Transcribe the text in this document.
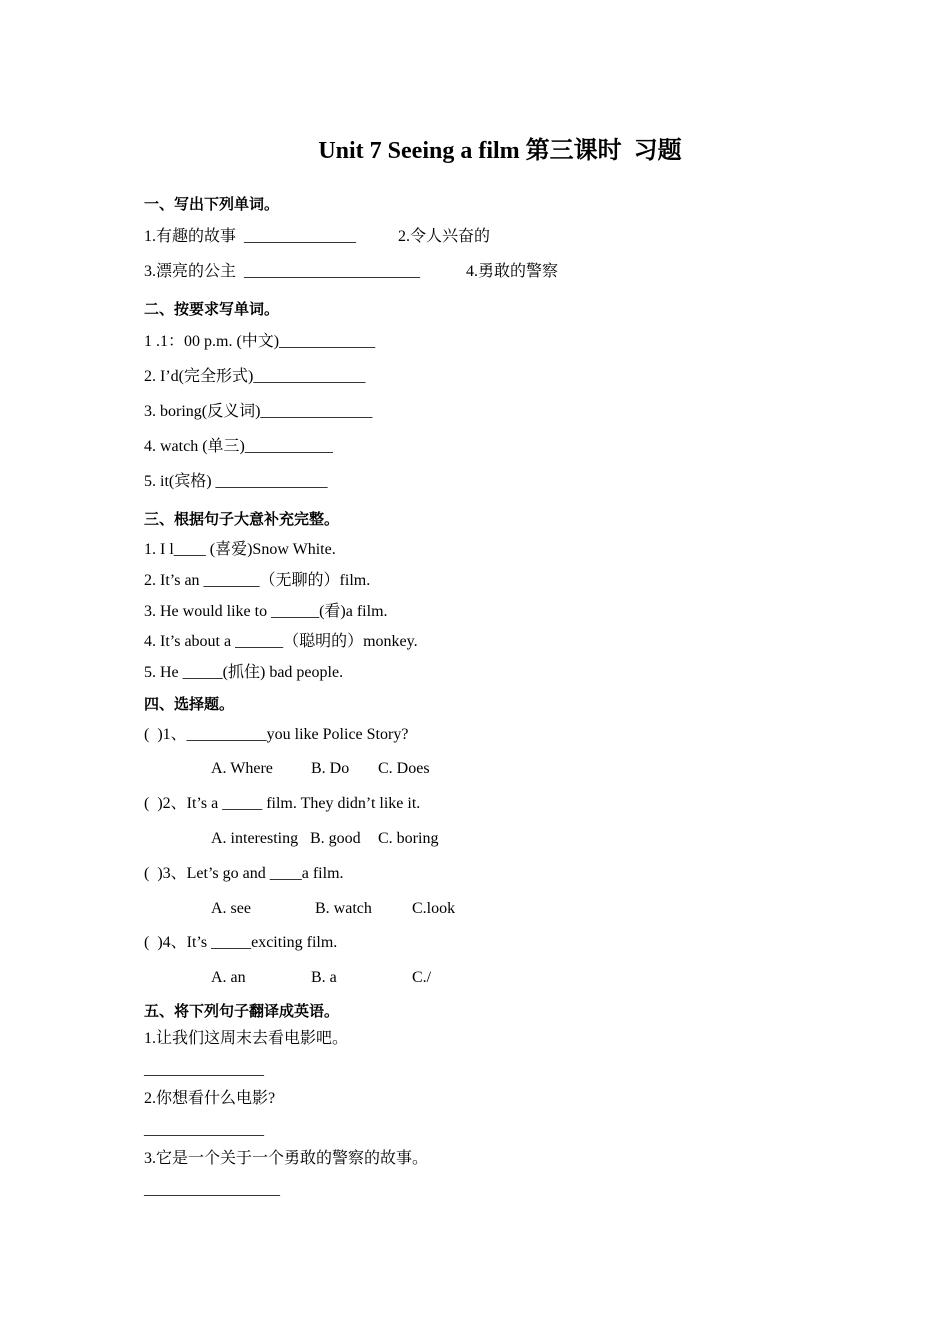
Unit 7 Seeing a film 第三课时  习题
一、写出下列单词。
1.有趣的故事  ______________	2.令人兴奋的
3.漂亮的公主  ______________________	4.勇敢的警察
二、按要求写单词。
1 .1：00 p.m. (中文)____________
2. I’d(完全形式)______________
3. boring(反义词)______________
4. watch (单三)___________
5. it(宾格) ______________
三、根据句子大意补充完整。
1. I l____ (喜爱)Snow White.
2. It’s an _______（无聊的）film.
3. He would like to ______(看)a film.
4. It’s about a ______（聪明的）monkey.
5. He _____(抓住) bad people.
四、选择题。
(  )1、__________you like Police Story?
A. Where B. Do C. Does
(  )2、It’s a _____ film. They didn’t like it.
A. interesting B. good C. boring
(  )3、Let’s go and ____a film.
A. see	B. watch	C.look
(  )4、It’s _____exciting film.
A. an	B. a	C./
五、将下列句子翻译成英语。
1.让我们这周末去看电影吧。
_______________
2.你想看什么电影?
_______________
3.它是一个关于一个勇敢的警察的故事。
_________________
